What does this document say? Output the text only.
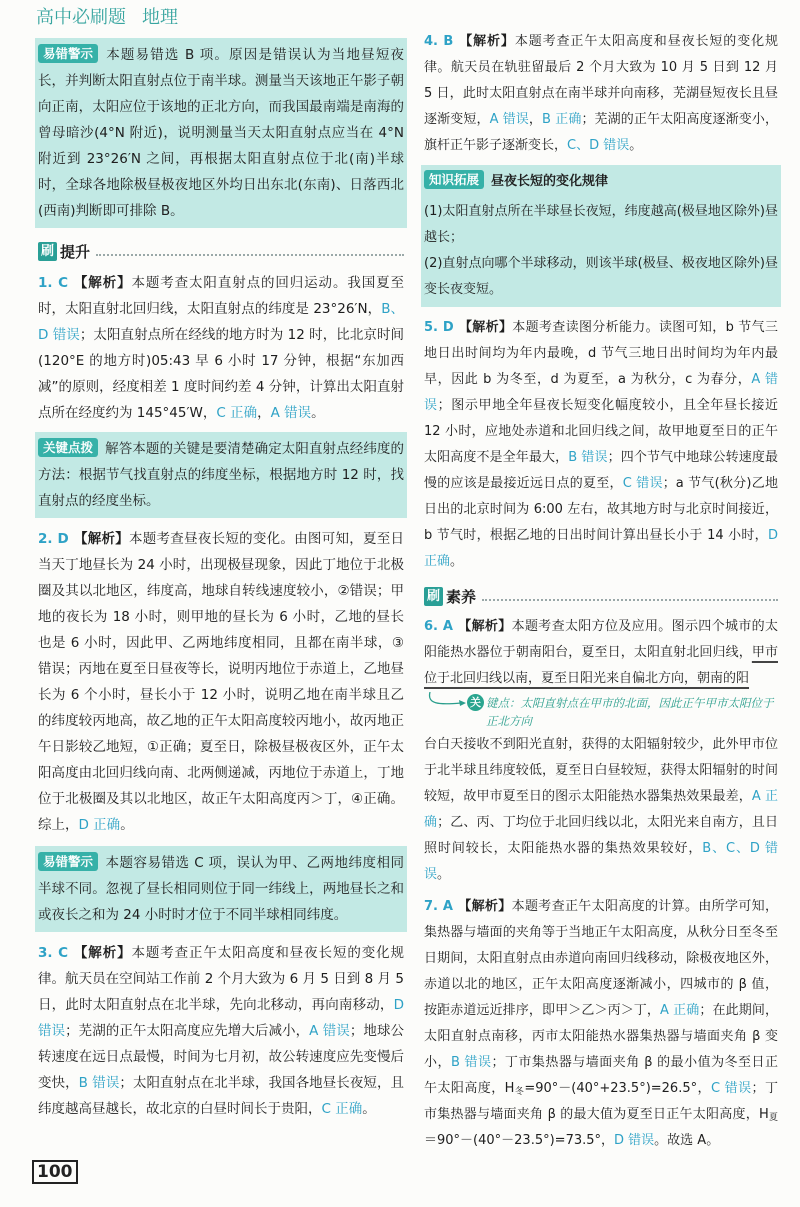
高中必刷题 地理

易错警示 本题易错选 B 项。原因是错误认为当地昼短夜长，并判断太阳直射点位于南半球。测量当天该地正午影子朝向正南，太阳应位于该地的正北方向，而我国最南端是南海的曾母暗沙(4°N 附近)，说明测量当天太阳直射点应当在 4°N 附近到 23°26′N 之间，再根据太阳直射点位于北(南)半球时，全球各地除极昼极夜地区外均日出东北(东南)、日落西北(西南)判断即可排除 B。

刷 提升

1. C 【解析】本题考查太阳直射点的回归运动。我国夏至时，太阳直射北回归线，太阳直射点的纬度是 23°26′N，B、D 错误；太阳直射点所在经线的地方时为 12 时，比北京时间(120°E 的地方时)05:43 早 6 小时 17 分钟，根据“东加西减”的原则，经度相差 1 度时间约差 4 分钟，计算出太阳直射点所在经度约为 145°45′W，C 正确，A 错误。

关键点拨 解答本题的关键是要清楚确定太阳直射点经纬度的方法：根据节气找直射点的纬度坐标，根据地方时 12 时，找直射点的经度坐标。

2. D 【解析】本题考查昼夜长短的变化。由图可知，夏至日当天丁地昼长为 24 小时，出现极昼现象，因此丁地位于北极圈及其以北地区，纬度高，地球自转线速度较小，②错误；甲地的夜长为 18 小时，则甲地的昼长为 6 小时，乙地的昼长也是 6 小时，因此甲、乙两地纬度相同，且都在南半球，③错误；丙地在夏至日昼夜等长，说明丙地位于赤道上，乙地昼长为 6 个小时，昼长小于 12 小时，说明乙地在南半球且乙的纬度较丙地高，故乙地的正午太阳高度较丙地小，故丙地正午日影较乙地短，①正确；夏至日，除极昼极夜区外，正午太阳高度由北回归线向南、北两侧递减，丙地位于赤道上，丁地位于北极圈及其以北地区，故正午太阳高度丙＞丁，④正确。综上，D 正确。

易错警示 本题容易错选 C 项，误认为甲、乙两地纬度相同半球不同。忽视了昼长相同则位于同一纬线上，两地昼长之和或夜长之和为 24 小时时才位于不同半球相同纬度。

3. C 【解析】本题考查正午太阳高度和昼夜长短的变化规律。航天员在空间站工作前 2 个月大致为 6 月 5 日到 8 月 5 日，此时太阳直射点在北半球，先向北移动，再向南移动，D 错误；芜湖的正午太阳高度应先增大后减小，A 错误；地球公转速度在远日点最慢，时间为七月初，故公转速度应先变慢后变快，B 错误；太阳直射点在北半球，我国各地昼长夜短，且纬度越高昼越长，故北京的白昼时间长于贵阳，C 正确。

4. B 【解析】本题考查正午太阳高度和昼夜长短的变化规律。航天员在轨驻留最后 2 个月大致为 10 月 5 日到 12 月 5 日，此时太阳直射点在南半球并向南移，芜湖昼短夜长且昼逐渐变短，A 错误，B 正确；芜湖的正午太阳高度逐渐变小，旗杆正午影子逐渐变长，C、D 错误。

知识拓展 昼夜长短的变化规律

(1)太阳直射点所在半球昼长夜短，纬度越高(极昼地区除外)昼越长；

(2)直射点向哪个半球移动，则该半球(极昼、极夜地区除外)昼变长夜变短。

5. D 【解析】本题考查读图分析能力。读图可知，b 节气三地日出时间均为年内最晚，d 节气三地日出时间均为年内最早，因此 b 为冬至，d 为夏至，a 为秋分，c 为春分，A 错误；图示甲地全年昼夜长短变化幅度较小，且全年昼长接近 12 小时，应地处赤道和北回归线之间，故甲地夏至日的正午太阳高度不是全年最大，B 错误；四个节气中地球公转速度最慢的应该是最接近远日点的夏至，C 错误；a 节气(秋分)乙地日出的北京时间为 6:00 左右，故其地方时与北京时间接近，b 节气时，根据乙地的日出时间计算出昼长小于 14 小时，D 正确。

刷 素养

6. A 【解析】本题考查太阳方位及应用。图示四个城市的太阳能热水器位于朝南阳台，夏至日，太阳直射北回归线，甲市位于北回归线以南，夏至日阳光来自偏北方向，朝南的阳

关 键点：太阳直射点在甲市的北面，因此正午甲市太阳位于正北方向

台白天接收不到阳光直射，获得的太阳辐射较少，此外甲市位于北半球且纬度较低，夏至日白昼较短，获得太阳辐射的时间较短，故甲市夏至日的图示太阳能热水器集热效果最差，A 正确；乙、丙、丁均位于北回归线以北，太阳光来自南方，且日照时间较长，太阳能热水器的集热效果较好，B、C、D 错误。

7. A 【解析】本题考查正午太阳高度的计算。由所学可知，集热器与墙面的夹角等于当地正午太阳高度，从秋分日至冬至日期间，太阳直射点由赤道向南回归线移动，除极夜地区外，赤道以北的地区，正午太阳高度逐渐减小，四城市的 β 值，按距赤道远近排序，即甲＞乙＞丙＞丁，A 正确；在此期间，太阳直射点南移，丙市太阳能热水器集热器与墙面夹角 β 变小，B 错误；丁市集热器与墙面夹角 β 的最小值为冬至日正午太阳高度，$H_冬=90^\circ-(40^\circ+23.5^\circ)=26.5^\circ$，C 错误；丁市集热器与墙面夹角 β 的最大值为夏至日正午太阳高度，$H_夏=90^\circ-(40^\circ-23.5^\circ)=73.5^\circ$，D 错误。故选 A。

100
